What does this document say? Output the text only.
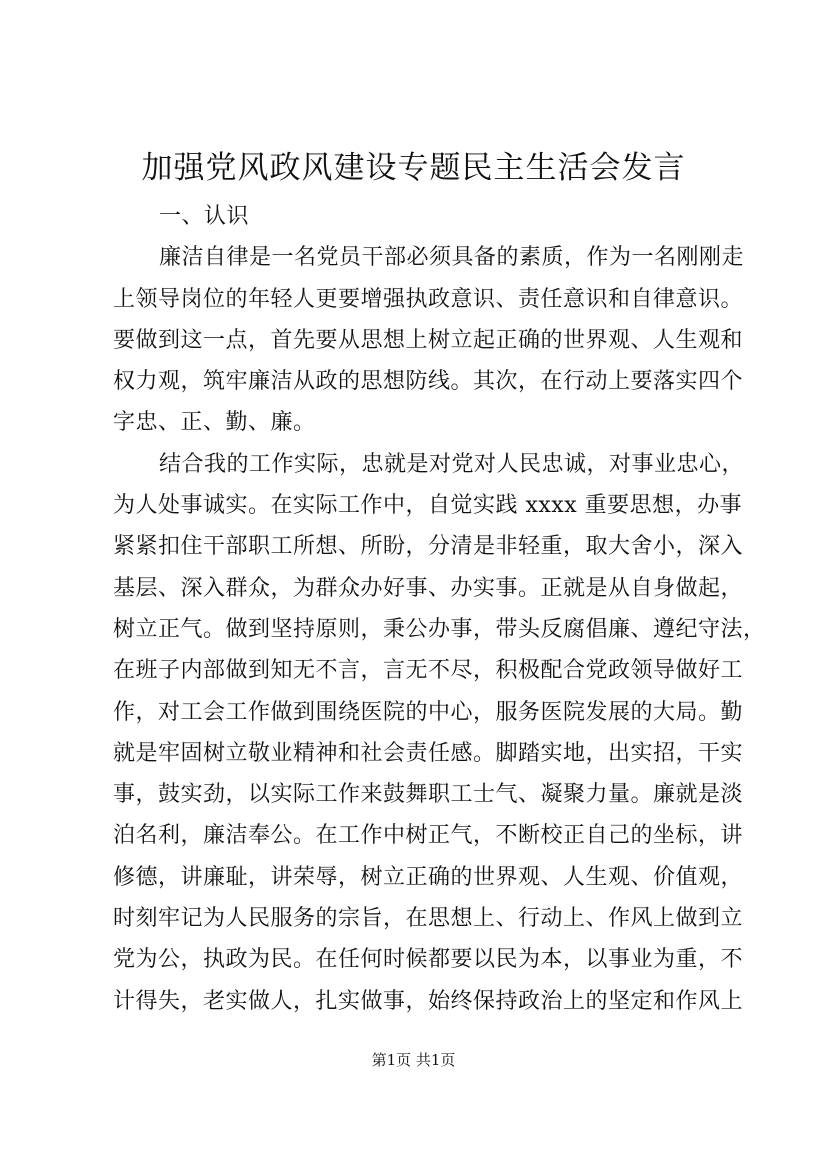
加强党风政风建设专题民主生活会发言
一、认识
廉洁自律是一名党员干部必须具备的素质，作为一名刚刚走
上领导岗位的年轻人更要增强执政意识、责任意识和自律意识。
要做到这一点，首先要从思想上树立起正确的世界观、人生观和
权力观，筑牢廉洁从政的思想防线。其次，在行动上要落实四个
字忠、正、勤、廉。
结合我的工作实际，忠就是对党对人民忠诚，对事业忠心，
为人处事诚实。在实际工作中，自觉实践 xxxx 重要思想，办事
紧紧扣住干部职工所想、所盼，分清是非轻重，取大舍小，深入
基层、深入群众，为群众办好事、办实事。正就是从自身做起，
树立正气。做到坚持原则，秉公办事，带头反腐倡廉、遵纪守法，
在班子内部做到知无不言，言无不尽，积极配合党政领导做好工
作，对工会工作做到围绕医院的中心，服务医院发展的大局。勤
就是牢固树立敬业精神和社会责任感。脚踏实地，出实招，干实
事，鼓实劲，以实际工作来鼓舞职工士气、凝聚力量。廉就是淡
泊名利，廉洁奉公。在工作中树正气，不断校正自己的坐标，讲
修德，讲廉耻，讲荣辱，树立正确的世界观、人生观、价值观，
时刻牢记为人民服务的宗旨，在思想上、行动上、作风上做到立
党为公，执政为民。在任何时候都要以民为本，以事业为重，不
计得失，老实做人，扎实做事，始终保持政治上的坚定和作风上
第1页 共1页
